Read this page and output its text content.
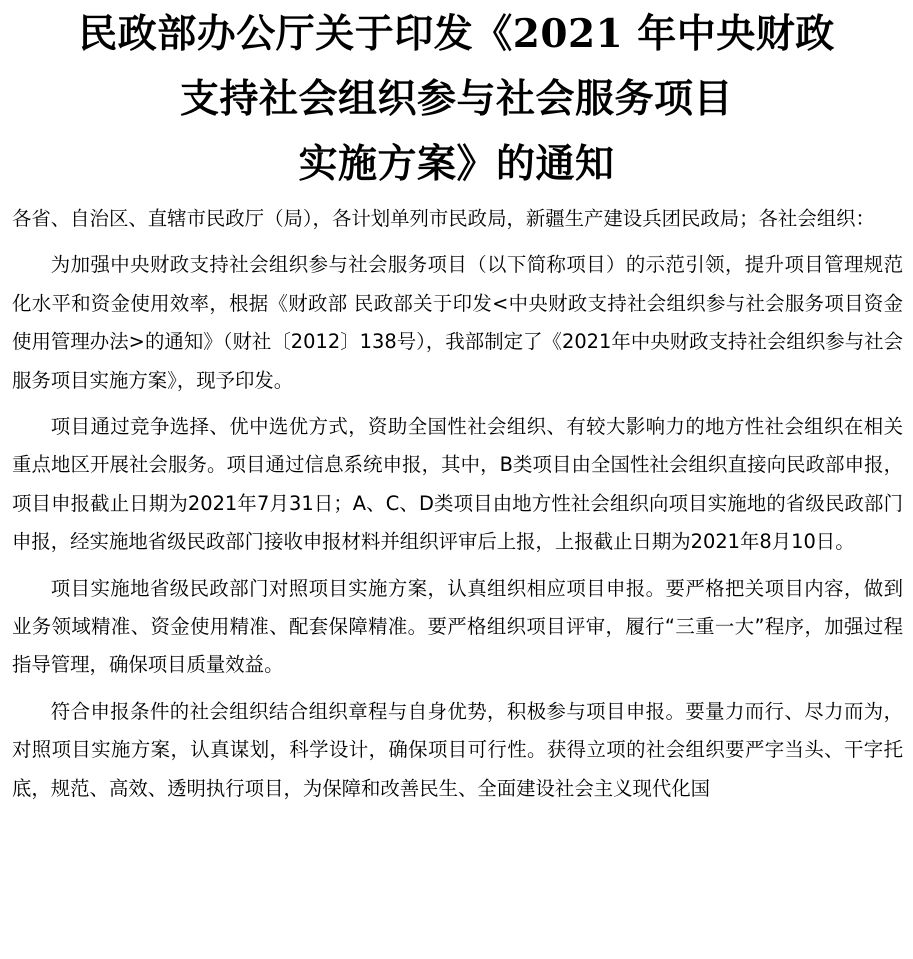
民政部办公厅关于印发《2021 年中央财政
支持社会组织参与社会服务项目
实施方案》的通知

各省、自治区、直辖市民政厅（局），各计划单列市民政局，新疆生产建设兵团民政局；各社会组织：

为加强中央财政支持社会组织参与社会服务项目（以下简称项目）的示范引领，提升项目管理规范化水平和资金使用效率，根据《财政部 民政部关于印发<中央财政支持社会组织参与社会服务项目资金使用管理办法>的通知》（财社〔2012〕138号），我部制定了《2021年中央财政支持社会组织参与社会服务项目实施方案》，现予印发。

项目通过竞争选择、优中选优方式，资助全国性社会组织、有较大影响力的地方性社会组织在相关重点地区开展社会服务。项目通过信息系统申报，其中，B类项目由全国性社会组织直接向民政部申报，项目申报截止日期为2021年7月31日；A、C、D类项目由地方性社会组织向项目实施地的省级民政部门申报，经实施地省级民政部门接收申报材料并组织评审后上报，上报截止日期为2021年8月10日。

项目实施地省级民政部门对照项目实施方案，认真组织相应项目申报。要严格把关项目内容，做到业务领域精准、资金使用精准、配套保障精准。要严格组织项目评审，履行“三重一大”程序，加强过程指导管理，确保项目质量效益。

符合申报条件的社会组织结合组织章程与自身优势，积极参与项目申报。要量力而行、尽力而为，对照项目实施方案，认真谋划，科学设计，确保项目可行性。获得立项的社会组织要严字当头、干字托底，规范、高效、透明执行项目，为保障和改善民生、全面建设社会主义现代化国
